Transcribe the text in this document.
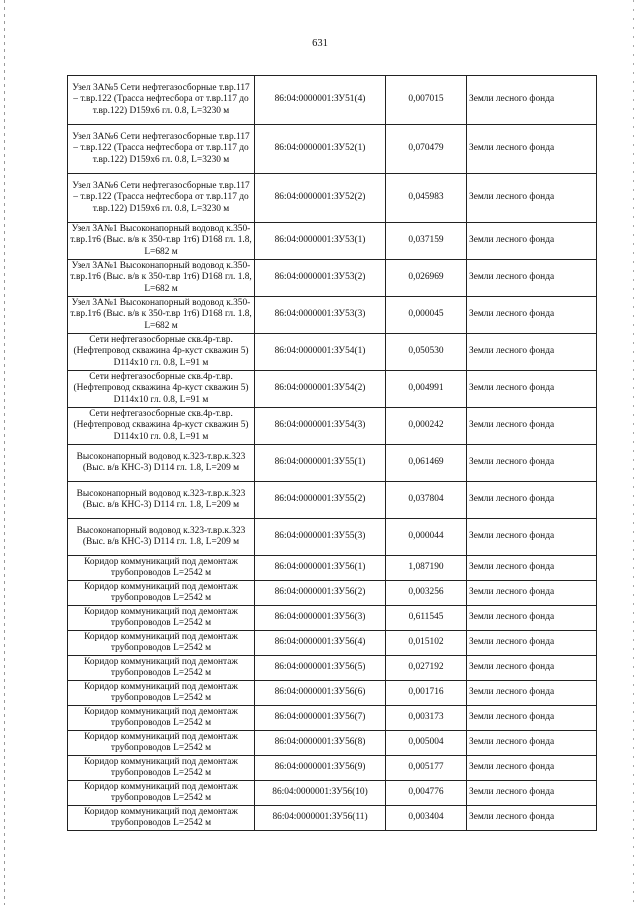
631
Узел 3А№5 Сети нефтегазосборные т.вр.117 – т.вр.122 (Трасса нефтесбора от т.вр.117 до т.вр.122) D159х6 гл. 0.8, L=3230 м	86:04:0000001:ЗУ51(4)	0,007015	Земли лесного фонда
Узел 3А№6 Сети нефтегазосборные т.вр.117 – т.вр.122 (Трасса нефтесбора от т.вр.117 до т.вр.122) D159х6 гл. 0.8, L=3230 м	86:04:0000001:ЗУ52(1)	0,070479	Земли лесного фонда
Узел 3А№6 Сети нефтегазосборные т.вр.117 – т.вр.122 (Трасса нефтесбора от т.вр.117 до т.вр.122) D159х6 гл. 0.8, L=3230 м	86:04:0000001:ЗУ52(2)	0,045983	Земли лесного фонда
Узел 3А№1 Высоконапорный водовод к.350-т.вр.1т6 (Выс. в/в к 350-т.вр 1т6) D168 гл. 1.8, L=682 м	86:04:0000001:ЗУ53(1)	0,037159	Земли лесного фонда
Узел 3А№1 Высоконапорный водовод к.350-т.вр.1т6 (Выс. в/в к 350-т.вр 1т6) D168 гл. 1.8, L=682 м	86:04:0000001:ЗУ53(2)	0,026969	Земли лесного фонда
Узел 3А№1 Высоконапорный водовод к.350-т.вр.1т6 (Выс. в/в к 350-т.вр 1т6) D168 гл. 1.8, L=682 м	86:04:0000001:ЗУ53(3)	0,000045	Земли лесного фонда
Сети нефтегазосборные скв.4р-т.вр. (Нефтепровод скважина 4р-куст скважин 5) D114х10 гл. 0.8, L=91 м	86:04:0000001:ЗУ54(1)	0,050530	Земли лесного фонда
Сети нефтегазосборные скв.4р-т.вр. (Нефтепровод скважина 4р-куст скважин 5) D114х10 гл. 0.8, L=91 м	86:04:0000001:ЗУ54(2)	0,004991	Земли лесного фонда
Сети нефтегазосборные скв.4р-т.вр. (Нефтепровод скважина 4р-куст скважин 5) D114х10 гл. 0.8, L=91 м	86:04:0000001:ЗУ54(3)	0,000242	Земли лесного фонда
Высоконапорный водовод к.323-т.вр.к.323 (Выс. в/в КНС-3) D114 гл. 1.8, L=209 м	86:04:0000001:ЗУ55(1)	0,061469	Земли лесного фонда
Высоконапорный водовод к.323-т.вр.к.323 (Выс. в/в КНС-3) D114 гл. 1.8, L=209 м	86:04:0000001:ЗУ55(2)	0,037804	Земли лесного фонда
Высоконапорный водовод к.323-т.вр.к.323 (Выс. в/в КНС-3) D114 гл. 1.8, L=209 м	86:04:0000001:ЗУ55(3)	0,000044	Земли лесного фонда
Коридор коммуникаций под демонтаж трубопроводов L=2542 м	86:04:0000001:ЗУ56(1)	1,087190	Земли лесного фонда
Коридор коммуникаций под демонтаж трубопроводов L=2542 м	86:04:0000001:ЗУ56(2)	0,003256	Земли лесного фонда
Коридор коммуникаций под демонтаж трубопроводов L=2542 м	86:04:0000001:ЗУ56(3)	0,611545	Земли лесного фонда
Коридор коммуникаций под демонтаж трубопроводов L=2542 м	86:04:0000001:ЗУ56(4)	0,015102	Земли лесного фонда
Коридор коммуникаций под демонтаж трубопроводов L=2542 м	86:04:0000001:ЗУ56(5)	0,027192	Земли лесного фонда
Коридор коммуникаций под демонтаж трубопроводов L=2542 м	86:04:0000001:ЗУ56(6)	0,001716	Земли лесного фонда
Коридор коммуникаций под демонтаж трубопроводов L=2542 м	86:04:0000001:ЗУ56(7)	0,003173	Земли лесного фонда
Коридор коммуникаций под демонтаж трубопроводов L=2542 м	86:04:0000001:ЗУ56(8)	0,005004	Земли лесного фонда
Коридор коммуникаций под демонтаж трубопроводов L=2542 м	86:04:0000001:ЗУ56(9)	0,005177	Земли лесного фонда
Коридор коммуникаций под демонтаж трубопроводов L=2542 м	86:04:0000001:ЗУ56(10)	0,004776	Земли лесного фонда
Коридор коммуникаций под демонтаж трубопроводов L=2542 м	86:04:0000001:ЗУ56(11)	0,003404	Земли лесного фонда
